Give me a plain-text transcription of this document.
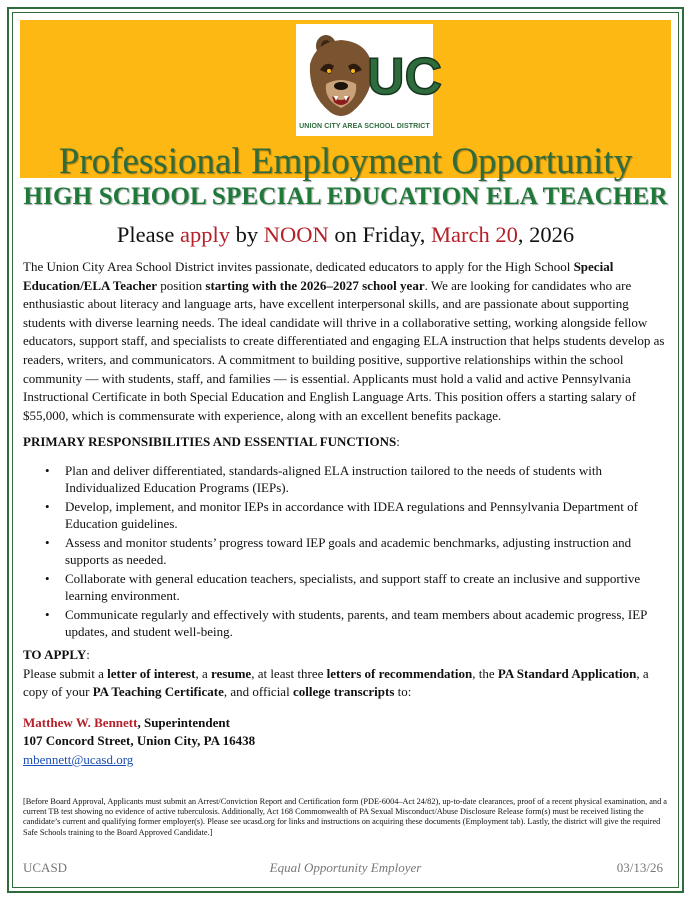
UC
UNION CITY AREA SCHOOL DISTRICT
Professional Employment Opportunity
HIGH SCHOOL SPECIAL EDUCATION ELA TEACHER
Please apply by NOON on Friday, March 20, 2026

The Union City Area School District invites passionate, dedicated educators to apply for the High School Special Education/ELA Teacher position starting with the 2026–2027 school year. We are looking for candidates who are enthusiastic about literacy and language arts, have excellent interpersonal skills, and are passionate about supporting students with diverse learning needs. The ideal candidate will thrive in a collaborative setting, working alongside fellow educators, support staff, and specialists to create differentiated and engaging ELA instruction that helps students develop as readers, writers, and communicators. A commitment to building positive, supportive relationships within the school community — with students, staff, and families — is essential. Applicants must hold a valid and active Pennsylvania Instructional Certificate in both Special Education and English Language Arts. This position offers a starting salary of $55,000, which is commensurate with experience, along with an excellent benefits package.

PRIMARY RESPONSIBILITIES AND ESSENTIAL FUNCTIONS:

• Plan and deliver differentiated, standards-aligned ELA instruction tailored to the needs of students with Individualized Education Programs (IEPs).
• Develop, implement, and monitor IEPs in accordance with IDEA regulations and Pennsylvania Department of Education guidelines.
• Assess and monitor students’ progress toward IEP goals and academic benchmarks, adjusting instruction and supports as needed.
• Collaborate with general education teachers, specialists, and support staff to create an inclusive and supportive learning environment.
• Communicate regularly and effectively with students, parents, and team members about academic progress, IEP updates, and student well-being.

TO APPLY:

Please submit a letter of interest, a resume, at least three letters of recommendation, the PA Standard Application, a copy of your PA Teaching Certificate, and official college transcripts to:

Matthew W. Bennett, Superintendent

107 Concord Street, Union City, PA 16438

mbennett@ucasd.org

[Before Board Approval, Applicants must submit an Arrest/Conviction Report and Certification form (PDE-6004–Act 24/82), up-to-date clearances, proof of a recent physical examination, and a current TB test showing no evidence of active tuberculosis. Additionally, Act 168 Commonwealth of PA Sexual Misconduct/Abuse Disclosure Release form(s) must be received listing the candidate’s current and qualifying former employer(s). Please see ucasd.org for links and instructions on acquiring these documents (Employment tab). Lastly, the district will give the required Safe Schools training to the Board Approved Candidate.]
Equal Opportunity Employer
UCASD	03/13/26
